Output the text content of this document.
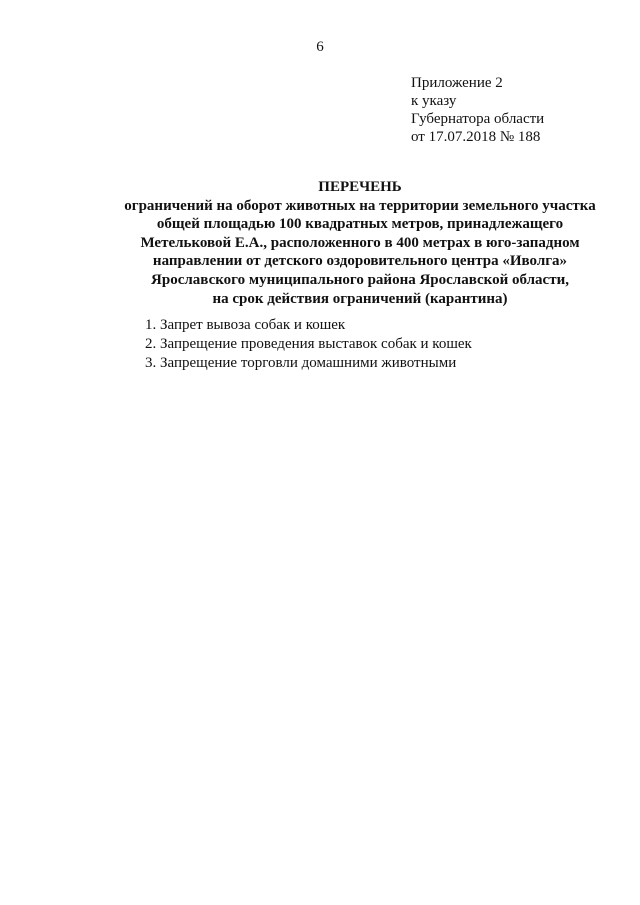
6
Приложение 2
к указу
Губернатора области
от 17.07.2018 № 188
ПЕРЕЧЕНЬ
ограничений на оборот животных на территории земельного участка
общей площадью 100 квадратных метров, принадлежащего
Метельковой Е.А., расположенного в 400 метрах в юго-западном
направлении от детского оздоровительного центра «Иволга»
Ярославского муниципального района Ярославской области,
на срок действия ограничений (карантина)
1. Запрет вывоза собак и кошек
2. Запрещение проведения выставок собак и кошек
3. Запрещение торговли домашними животными
